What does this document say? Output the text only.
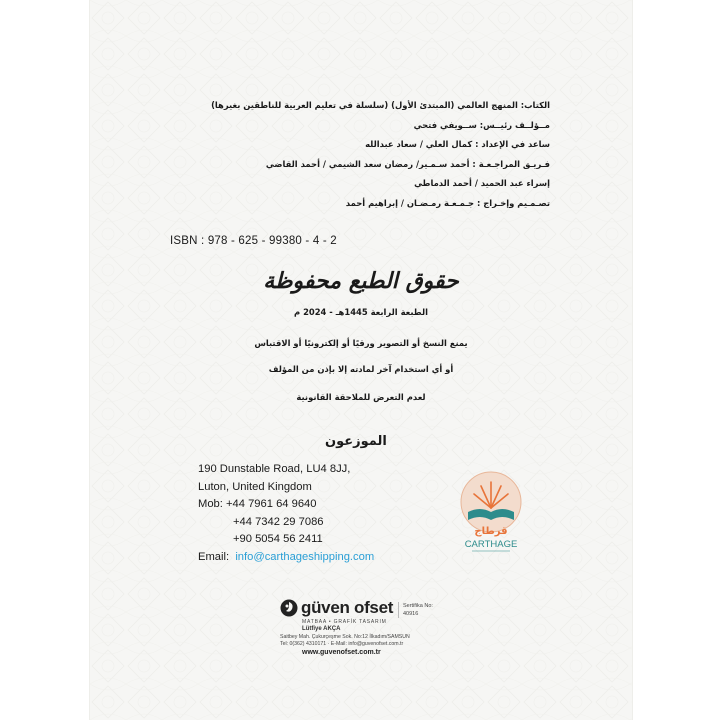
الكتاب: المنهج العالمي (المبتدئ الأول) (سلسلة في تعليم العربية للناطقين بغيرها)
مــؤلــف رئيــس: ســويفي فتحي
ساعد في الإعداد : كمال العلي / سعاد عبدالله
فـريـق المراجـعـة : أحمد سـمـير/ رمضان سعد الشيمي / أحمد القاضي
إسراء عبد الحميد / أحمد الدماطي
تصـمـيم وإخـراج : جـمـعـة رمـضـان / إبراهيم أحمد
ISBN : 978 - 625 - 99380 - 4 - 2
حقوق الطبع محفوظة
الطبعة الرابعة 1445هـ - 2024 م
يمنع النسخ أو التصوير ورقيًا أو إلكترونيًا أو الاقتباس
أو أي استخدام آخر لمادته إلا بإذن من المؤلف
لعدم التعرض للملاحقة القانونية
الموزعون
190 Dunstable Road, LU4 8JJ,
Luton, United Kingdom
Mob: +44 7961 64 9640
+44 7342 29 7086
+90 5054 56 2411
Email: info@carthageshipping.com
قرطاج
CARTHAGE
güven ofset
MATBAA • GRAFİK TASARIM
Sertifika No:
40916
Lütfiye AKÇA
Saitbey Mah. Çukurçeşme Sok. No:12 İlkadım/SAMSUN
Tel: 0(362) 4310171 · E-Mail: info@guvenofset.com.tr
www.guvenofset.com.tr
